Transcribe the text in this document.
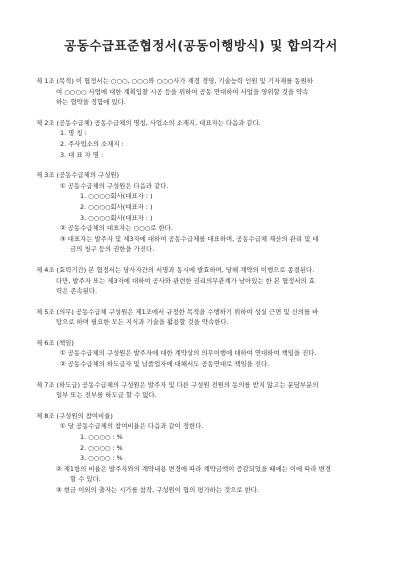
공동수급표준협정서(공동이행방식) 및 합의각서
제 1조 (목적) 이 협정서는 ○○○, ○○○와 ○○○사가 재정 경영, 기술능력 인원 및 기자재를 동원하
여 ○○○○ 사업에 대한 계획입찰 시공 등을 위하여 공동 연대하여 사업을 영위할 것을 약속
하는 협약을 정함에 있다.
제 2조 (공동수급체) 공동수급체의 명칭, 사업소의 소재지, 대표자는 다음과 같다.
1. 명 칭 :
2. 주사업소의 소재지 :
3. 대 표 자 명 :
제 3조 (공동수급체의 구성원)
① 공동수급체의 구성원은 다음과 같다.
1. ○○○○회사(대표자 : )
2. ○○○○회사(대표자 : )
3. ○○○○회사(대표자 : )
② 공동수급체의 대표자는 ○○○로 한다.
③ 대표자는 발주자 및 제3자에 대하여 공동수급체를 대표하며, 공동수급체 재산의 관리 및 대
금의 청구 등의 권한을 가진다.
제 4조 (효력기간) 본 협정서는 당사자간의 서명과 동시에 발효하며, 당해 계약의 이행으로 종결된다.
다만, 발주자 또는 제3자에 대하여 공사와 관련한 권리의무관계가 남아있는 한 본 협정서의 효
력은 존속된다.
제 5조 (의무) 공동수급체 구성원은 제1조에서 규정한 목적을 수행하기 위하여 성실 근면 및 신의를 바
탕으로 하며 필요한 모든 지식과 기술을 활용할 것을 약속한다.
제 6조 (책임)
① 공동수급체의 구성원은 발주자에 대한 계약상의 의무이행에 대하여 연대하여 책임을 진다.
② 공동수급체의 하도급자 및 납품업자에 대해서도 공동연대로 책임을 진다.
제 7조 (하도급) 공동수급체의 구성원은 발주자 및 다른 구성원 전원의 동의를 받지 않고는 분담부분의
일부 또는 전부를 하도급 할 수 없다.
제 8조 (구성원의 참여비율)
① 당 공동수급체의 참여비율은 다음과 같이 정한다.
1. ○○○○ : %
2. ○○○○ : %
3. ○○○○ : %
② 제1항의 비율은 발주자와의 계약내용 변경에 따라 계약금액이 증감되었을 때에는 이에 따라 변경
할 수 있다.
③ 현금 이외의 출자는 시가를 참작, 구성원이 협의 평가하는 것으로 한다.
